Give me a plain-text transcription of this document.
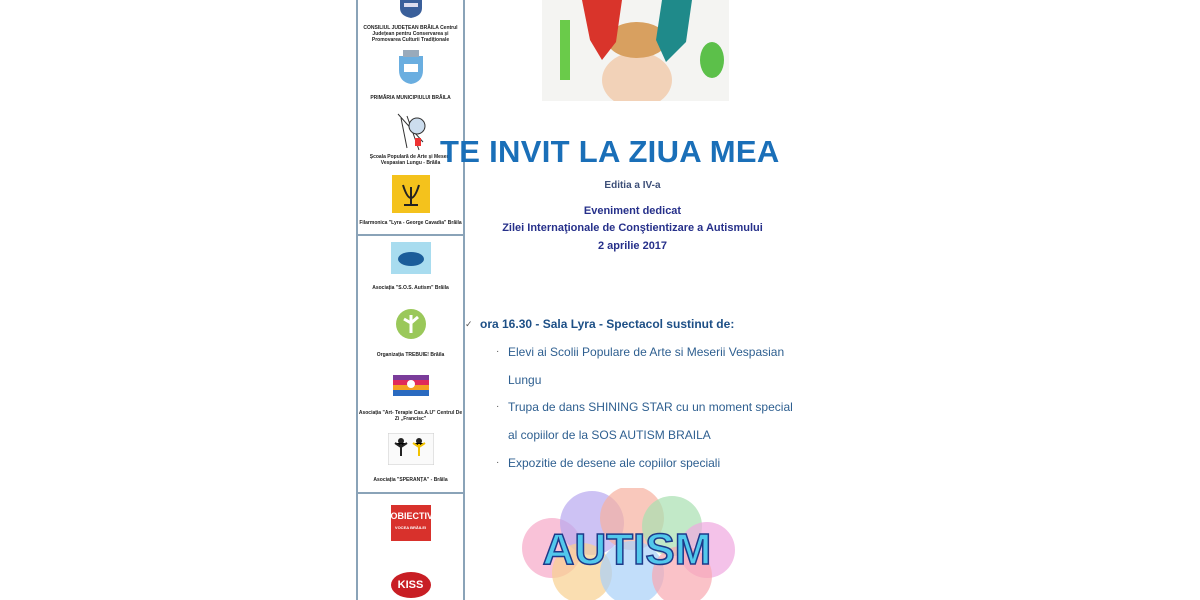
CONSILIUL JUDEȚEAN BRĂILA Centrul Județean pentru Conservarea și Promovarea Culturii Tradiționale
PRIMĂRIA MUNICIPIULUI BRĂILA
Școala Populară de Arte și Meserii Vespasian Lungu - Brăila
Filarmonica "Lyra - George Cavadia" Brăila
Asociația "S.O.S. Autism" Brăila
Organizația TREBUIE! Brăila
Asociația "Art- Terapie Cas.A.U" Centrul De Zi „Francisc"
Asociația "SPERANȚA" - Brăila
OBIECTIV
VOCEA BRĂILEI
KISS
TE INVIT LA ZIUA MEA
Editia a IV-a
Eveniment dedicat
Zilei Internaţionale de Conştientizare a Autismului
2 aprilie 2017
✓ ora 16.30 - Sala Lyra - Spectacol sustinut de:
· Elevi ai Scolii Populare de Arte si Meserii Vespasian
Lungu
· Trupa de dans SHINING STAR cu un moment special
al copiilor de la SOS AUTISM BRAILA
· Expozitie de desene ale copiilor speciali
AUTISM
